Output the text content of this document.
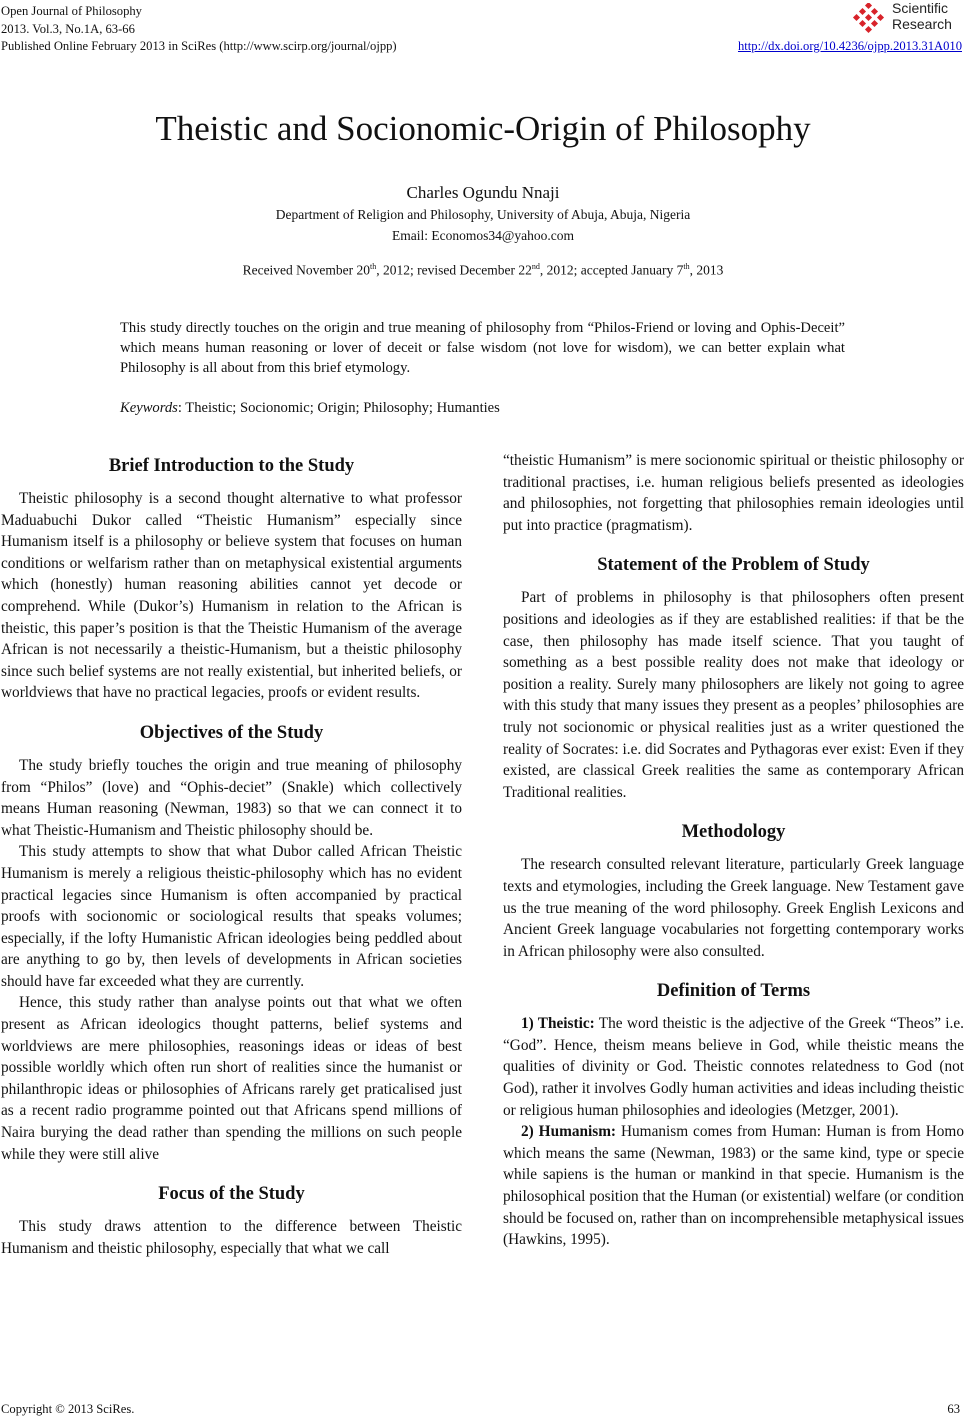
Open Journal of Philosophy
2013. Vol.3, No.1A, 63-66
Published Online February 2013 in SciRes (http://www.scirp.org/journal/ojpp)
Scientific
Research
http://dx.doi.org/10.4236/ojpp.2013.31A010
Theistic and Socionomic-Origin of Philosophy
Charles Ogundu Nnaji
Department of Religion and Philosophy, University of Abuja, Abuja, Nigeria
Email: Economos34@yahoo.com
Received November 20th, 2012; revised December 22nd, 2012; accepted January 7th, 2013
This study directly touches on the origin and true meaning of philosophy from “Philos-Friend or loving and Ophis-Deceit” which means human reasoning or lover of deceit or false wisdom (not love for wisdom), we can better explain what Philosophy is all about from this brief etymology.
Keywords: Theistic; Socionomic; Origin; Philosophy; Humanties
Brief Introduction to the Study

Theistic philosophy is a second thought alternative to what professor Maduabuchi Dukor called “Theistic Humanism” especially since Humanism itself is a philosophy or believe system that focuses on human conditions or welfarism rather than on metaphysical existential arguments which (honestly) human reasoning abilities cannot yet decode or comprehend. While (Dukor’s) Humanism in relation to the African is theistic, this paper’s position is that the Theistic Humanism of the average African is not necessarily a theistic-Humanism, but a theistic philosophy since such belief systems are not really existential, but inherited beliefs, or worldviews that have no practical legacies, proofs or evident results.

Objectives of the Study

The study briefly touches the origin and true meaning of philosophy from “Philos” (love) and “Ophis-deciet” (Snakle) which collectively means Human reasoning (Newman, 1983) so that we can connect it to what Theistic-Humanism and Theistic philosophy should be.

This study attempts to show that what Dubor called African Theistic Humanism is merely a religious theistic-philosophy which has no evident practical legacies since Humanism is often accompanied by practical proofs with socionomic or sociological results that speaks volumes; especially, if the lofty Humanistic African ideologies being peddled about are anything to go by, then levels of developments in African societies should have far exceeded what they are currently.

Hence, this study rather than analyse points out that what we often present as African ideologics thought patterns, belief systems and worldviews are mere philosophies, reasonings ideas or ideas of best possible worldly which often run short of realities since the humanist or philanthropic ideas or philosophies of Africans rarely get praticalised just as a recent radio programme pointed out that Africans spend millions of Naira burying the dead rather than spending the millions on such people while they were still alive

Focus of the Study

This study draws attention to the difference between Theistic Humanism and theistic philosophy, especially that what we call

“theistic Humanism” is mere socionomic spiritual or theistic philosophy or traditional practises, i.e. human religious beliefs presented as ideologies and philosophies, not forgetting that philosophies remain ideologies until put into practice (pragmatism).

Statement of the Problem of Study

Part of problems in philosophy is that philosophers often present positions and ideologies as if they are established realities: if that be the case, then philosophy has made itself science. That you taught of something as a best possible reality does not make that ideology or position a reality. Surely many philosophers are likely not going to agree with this study that many issues they present as a peoples’ philosophies are truly not socionomic or physical realities just as a writer questioned the reality of Socrates: i.e. did Socrates and Pythagoras ever exist: Even if they existed, are classical Greek realities the same as contemporary African Traditional realities.

Methodology

The research consulted relevant literature, particularly Greek language texts and etymologies, including the Greek language. New Testament gave us the true meaning of the word philosophy. Greek English Lexicons and Ancient Greek language vocabularies not forgetting contemporary works in African philosophy were also consulted.

Definition of Terms

1) Theistic: The word theistic is the adjective of the Greek “Theos” i.e. “God”. Hence, theism means believe in God, while theistic means the qualities of divinity or God. Theistic connotes relatedness to God (not God), rather it involves Godly human activities and ideas including theistic or religious human philosophies and ideologies (Metzger, 2001).

2) Humanism: Humanism comes from Human: Human is from Homo which means the same (Newman, 1983) or the same kind, type or specie while sapiens is the human or mankind in that specie. Humanism is the philosophical position that the Human (or existential) welfare (or condition should be focused on, rather than on incomprehensible metaphysical issues (Hawkins, 1995).

Copyright © 2013 SciRes.	63
